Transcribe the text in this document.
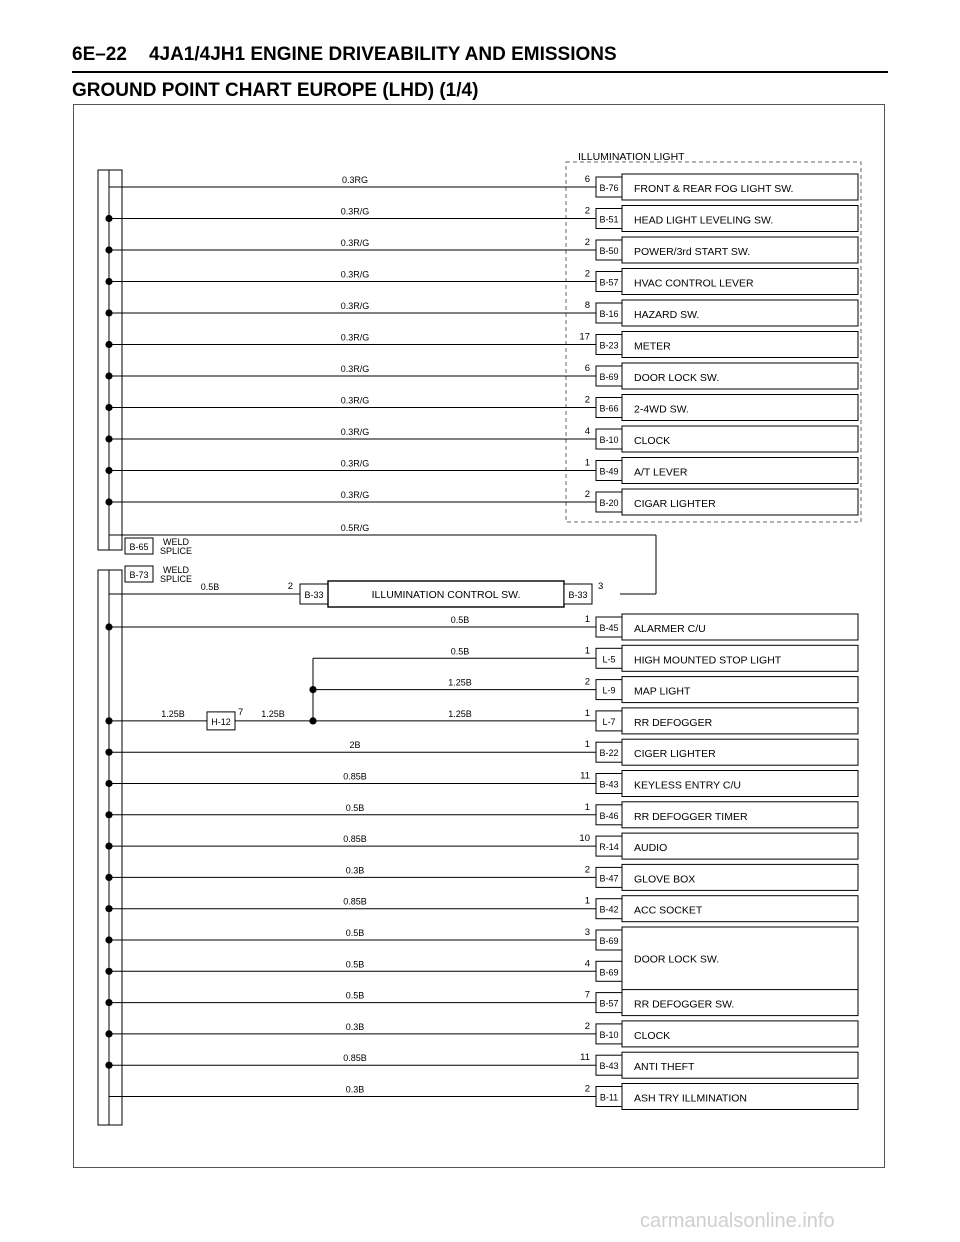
6E–22 4JA1/4JH1 ENGINE DRIVEABILITY AND EMISSIONS
GROUND POINT CHART EUROPE (LHD) (1/4)
ILLUMINATION LIGHT
0.3RG	6
B-76 FRONT & REAR FOG LIGHT SW.
0.3R/G	2
B-51 HEAD LIGHT LEVELING SW.
0.3R/G	2
B-50 POWER/3rd START SW.
0.3R/G	2
B-57 HVAC CONTROL LEVER
0.3R/G	8
B-16 HAZARD SW.
0.3R/G	17
B-23 METER
0.3R/G	6
B-69 DOOR LOCK SW.
0.3R/G	2
B-66 2-4WD SW.
0.3R/G	4
B-10 CLOCK
0.3R/G	1
B-49 A/T LEVER
0.3R/G	2
B-20 CIGAR LIGHTER
0.5R/G
B-65 WELD
SPLICE
0.5B	2
B-33	ILLUMINATION CONTROL SW.	B-33
3
B-73 WELD
SPLICE
0.5B	1
B-45 ALARMER C/U
0.5B	1
L-5 HIGH MOUNTED STOP LIGHT
1.25B	2
L-9 MAP LIGHT
1.25B	1
L-7 RR DEFOGGER
2B	1
B-22 CIGER LIGHTER
0.85B	11
B-43 KEYLESS ENTRY C/U
0.5B	1
B-46 RR DEFOGGER TIMER
0.85B	10
R-14 AUDIO
0.3B	2
B-47 GLOVE BOX
0.85B	1
B-42 ACC SOCKET
0.5B	3
B-69
DOOR LOCK SW.
0.5B	4
B-69
0.5B	7
B-57 RR DEFOGGER SW.
0.3B	2
B-10 CLOCK
0.85B	11
B-43 ANTI THEFT
0.3B	2
B-11 ASH TRY ILLMINATION
H-12
7
1.25B	1.25B
carmanualsonline.info
